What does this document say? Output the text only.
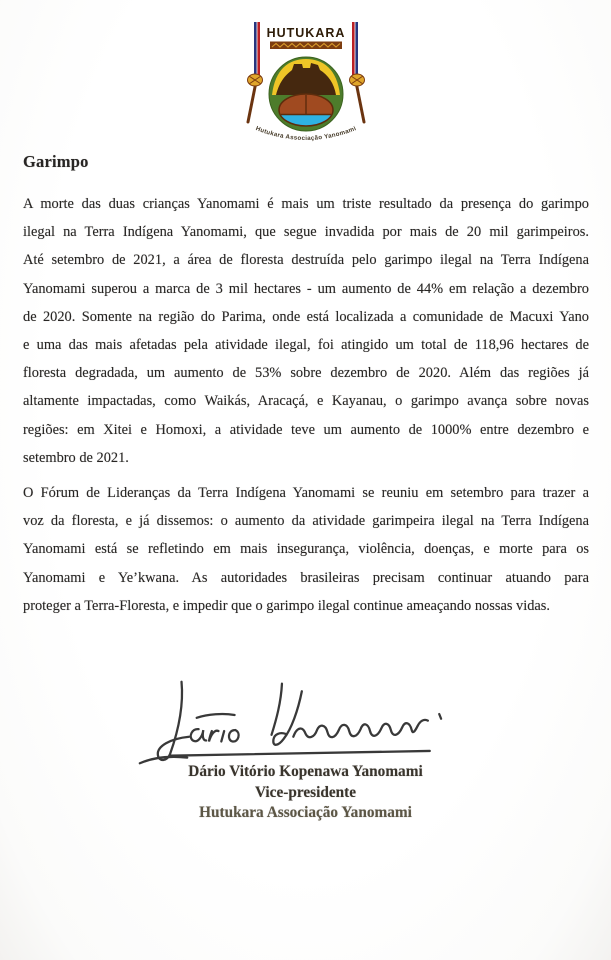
HUTUKARA
Hutukara Associação Yanomami
Garimpo
A morte das duas crianças Yanomami é mais um triste resultado da presença do garimpo
ilegal na Terra Indígena Yanomami, que segue invadida por mais de 20 mil garimpeiros.
Até setembro de 2021, a área de floresta destruída pelo garimpo ilegal na Terra Indígena
Yanomami superou a marca de 3 mil hectares - um aumento de 44% em relação a dezembro
de 2020. Somente na região do Parima, onde está localizada a comunidade de Macuxi Yano
e uma das mais afetadas pela atividade ilegal, foi atingido um total de 118,96 hectares de
floresta degradada, um aumento de 53% sobre dezembro de 2020. Além das regiões já
altamente impactadas, como Waikás, Aracaçá, e Kayanau, o garimpo avança sobre novas
regiões: em Xitei e Homoxi, a atividade teve um aumento de 1000% entre dezembro e
setembro de 2021.
O Fórum de Lideranças da Terra Indígena Yanomami se reuniu em setembro para trazer a
voz da floresta, e já dissemos: o aumento da atividade garimpeira ilegal na Terra Indígena
Yanomami está se refletindo em mais insegurança, violência, doenças, e morte para os
Yanomami e Ye’kwana. As autoridades brasileiras precisam continuar atuando para
proteger a Terra-Floresta, e impedir que o garimpo ilegal continue ameaçando nossas vidas.
Dário Vitório Kopenawa Yanomami
Vice-presidente
Hutukara Associação Yanomami
